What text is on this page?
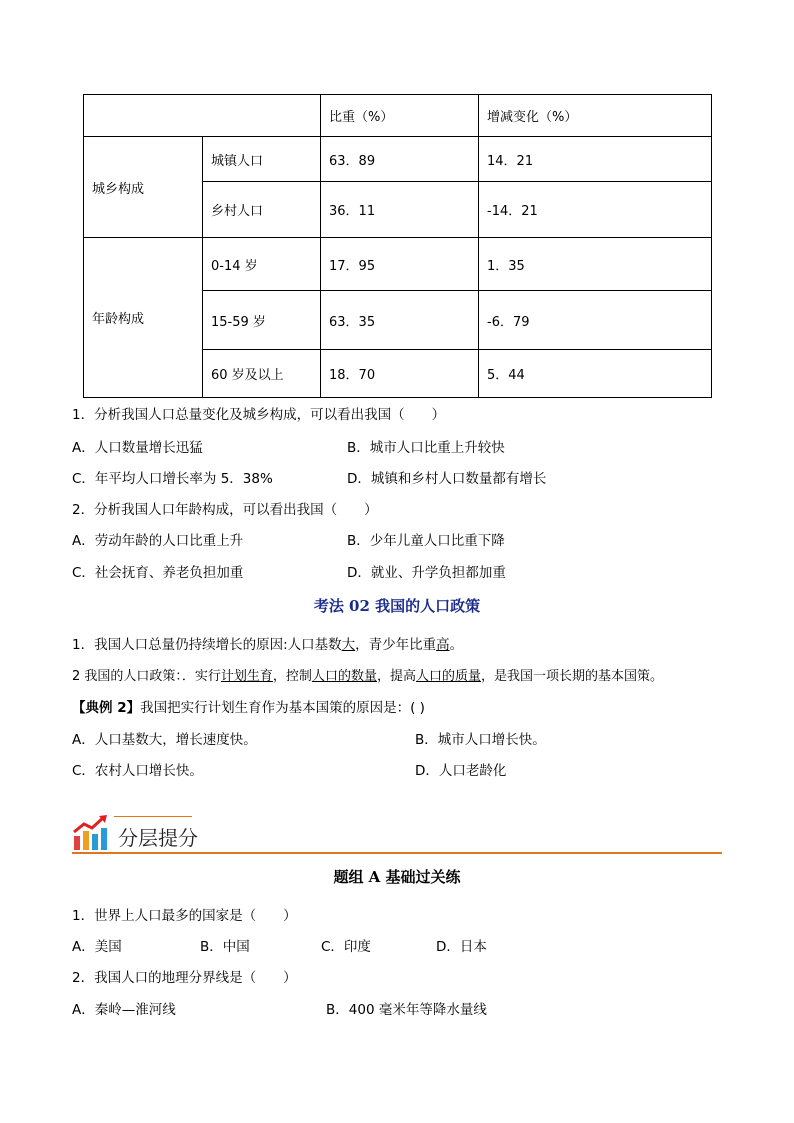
		比重（%）	增减变化（%）
城乡构成	城镇人口	63．89	14．21
	乡村人口	36．11	-14．21
年龄构成	0-14 岁	17．95	1．35
	15-59 岁	63．35	-6．79
	60 岁及以上	18．70	5．44
1．分析我国人口总量变化及城乡构成，可以看出我国（　　）
A．人口数量增长迅猛	B．城市人口比重上升较快
C．年平均人口增长率为 5．38%	D．城镇和乡村人口数量都有增长
2．分析我国人口年龄构成，可以看出我国（　　）
A．劳动年龄的人口比重上升	B．少年儿童人口比重下降
C．社会抚育、养老负担加重	D．就业、升学负担都加重
考法 02 我国的人口政策
1．我国人口总量仍持续增长的原因:人口基数大，青少年比重高。
2 我国的人口政策：．实行计划生育，控制人口的数量，提高人口的质量，是我国一项长期的基本国策。
【典例 2】我国把实行计划生育作为基本国策的原因是：( )
A．人口基数大，增长速度快。	B．城市人口增长快。
C．农村人口增长快。	D．人口老龄化
分层提分
题组 A 基础过关练
1．世界上人口最多的国家是（　　）
A．美国	B．中国	C．印度	D．日本
2．我国人口的地理分界线是（　　）
A．秦岭—淮河线	B．400 毫米年等降水量线
